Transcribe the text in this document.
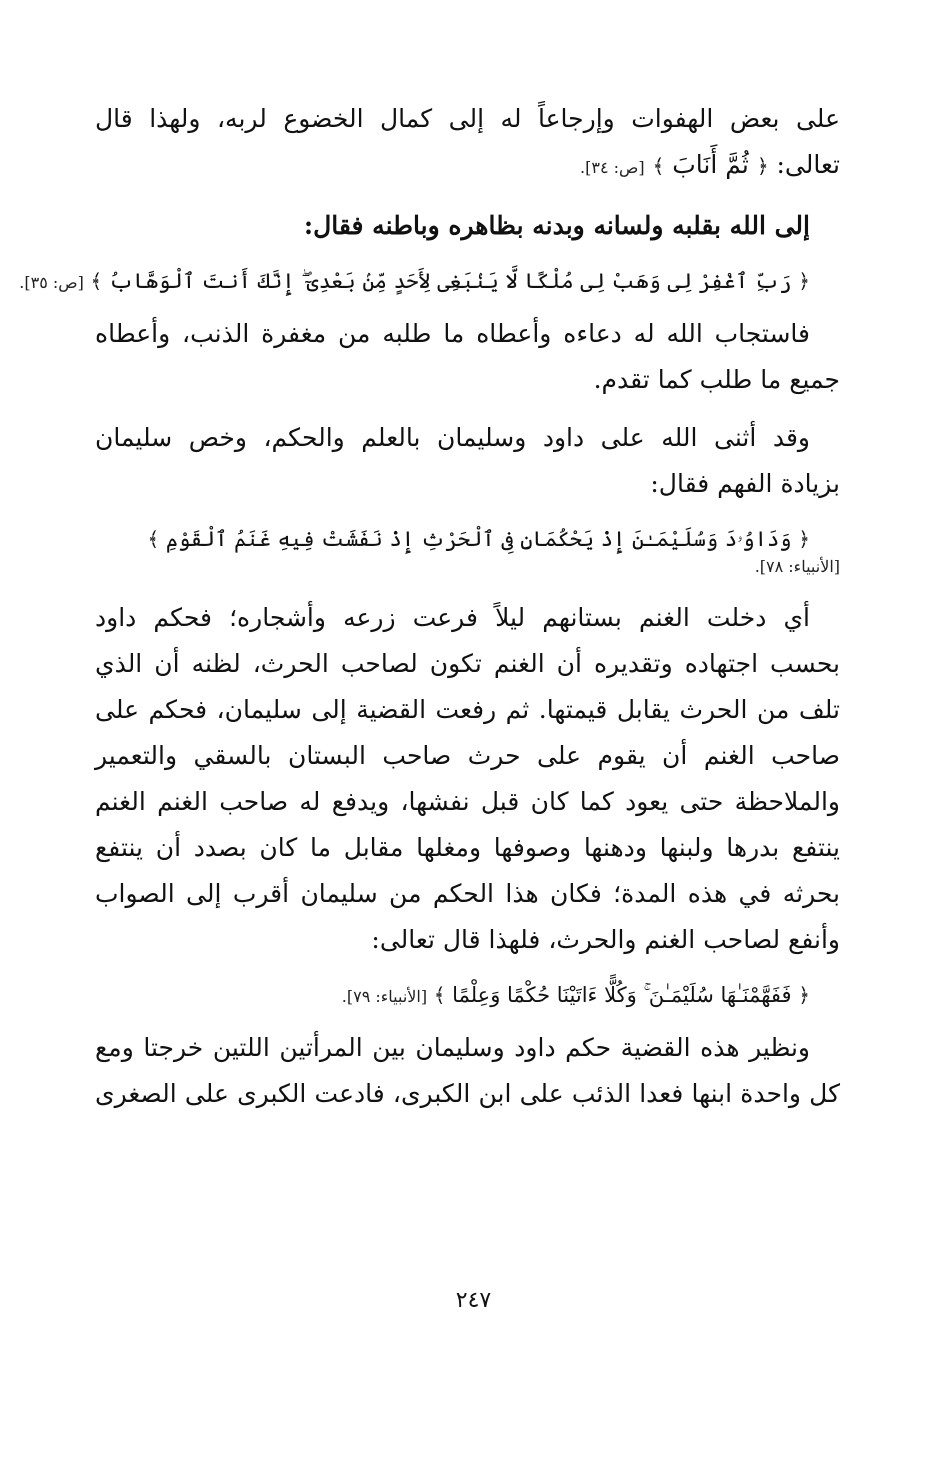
على بعض الهفوات وإرجاعاً له إلى كمال الخضوع لربه، ولهذا قال
تعالى: ﴿ ثُمَّ أَنَابَ ﴾ [ص: ٣٤].
إلى الله بقلبه ولسانه وبدنه بظاهره وباطنه فقال:
﴿ رَبِّ ٱغْفِرْ لِى وَهَبْ لِى مُلْكًا لَّا يَنۢبَغِى لِأَحَدٍ مِّنۢ بَعْدِىٓ ۖ إِنَّكَ أَنتَ ٱلْوَهَّابُ ﴾ [ص: ٣٥].
فاستجاب الله له دعاءه وأعطاه ما طلبه من مغفرة الذنب، وأعطاه
جميع ما طلب كما تقدم.
وقد أثنى الله على داود وسليمان بالعلم والحكم، وخص سليمان
بزيادة الفهم فقال:
﴿ وَدَاوُۥدَ وَسُلَيْمَـٰنَ إِذْ يَحْكُمَانِ فِى ٱلْحَرْثِ إِذْ نَفَشَتْ فِيهِ غَنَمُ ٱلْقَوْمِ ﴾
[الأنبياء: ٧٨].
أي دخلت الغنم بستانهم ليلاً فرعت زرعه وأشجاره؛ فحكم داود
بحسب اجتهاده وتقديره أن الغنم تكون لصاحب الحرث، لظنه أن الذي
تلف من الحرث يقابل قيمتها. ثم رفعت القضية إلى سليمان، فحكم على
صاحب الغنم أن يقوم على حرث صاحب البستان بالسقي والتعمير
والملاحظة حتى يعود كما كان قبل نفشها، ويدفع له صاحب الغنم الغنم
ينتفع بدرها ولبنها ودهنها وصوفها ومغلها مقابل ما كان بصدد أن ينتفع
بحرثه في هذه المدة؛ فكان هذا الحكم من سليمان أقرب إلى الصواب
وأنفع لصاحب الغنم والحرث، فلهذا قال تعالى:
﴿ فَفَهَّمْنَـٰهَا سُلَيْمَـٰنَ ۚ وَكُلًّا ءَاتَيْنَا حُكْمًا وَعِلْمًا ﴾ [الأنبياء: ٧٩].
ونظير هذه القضية حكم داود وسليمان بين المرأتين اللتين خرجتا ومع
كل واحدة ابنها فعدا الذئب على ابن الكبرى، فادعت الكبرى على الصغرى
٢٤٧
